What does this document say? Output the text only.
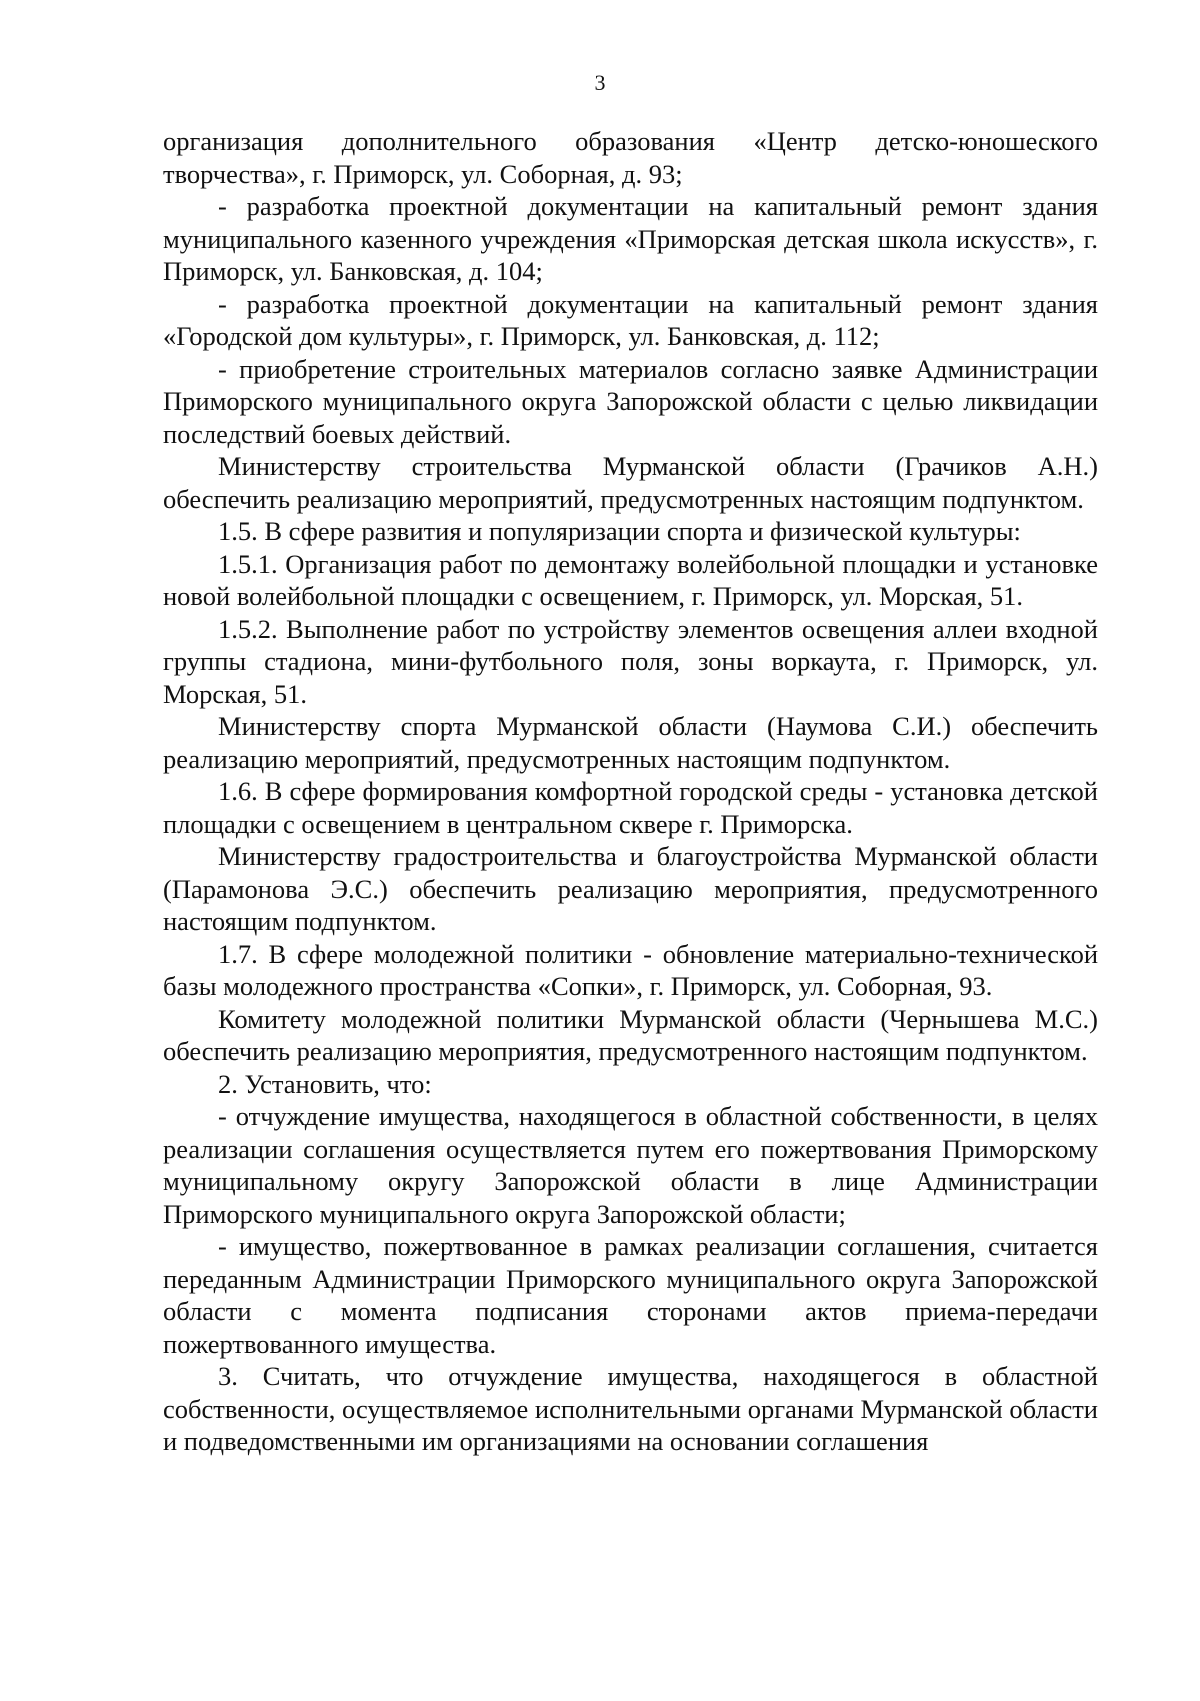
3

организация дополнительного образования «Центр детско-юношеского творчества», г. Приморск, ул. Соборная, д. 93;

- разработка проектной документации на капитальный ремонт здания муниципального казенного учреждения «Приморская детская школа искусств», г. Приморск, ул. Банковская, д. 104;

- разработка проектной документации на капитальный ремонт здания «Городской дом культуры», г. Приморск, ул. Банковская, д. 112;

- приобретение строительных материалов согласно заявке Администрации Приморского муниципального округа Запорожской области с целью ликвидации последствий боевых действий.

Министерству строительства Мурманской области (Грачиков А.Н.) обеспечить реализацию мероприятий, предусмотренных настоящим подпунктом.

1.5. В сфере развития и популяризации спорта и физической культуры:

1.5.1. Организация работ по демонтажу волейбольной площадки и установке новой волейбольной площадки с освещением, г. Приморск, ул. Морская, 51.

1.5.2. Выполнение работ по устройству элементов освещения аллеи входной группы стадиона, мини-футбольного поля, зоны воркаута, г. Приморск, ул. Морская, 51.

Министерству спорта Мурманской области (Наумова С.И.) обеспечить реализацию мероприятий, предусмотренных настоящим подпунктом.

1.6. В сфере формирования комфортной городской среды - установка детской площадки с освещением в центральном сквере г. Приморска.

Министерству градостроительства и благоустройства Мурманской области (Парамонова Э.С.) обеспечить реализацию мероприятия, предусмотренного настоящим подпунктом.

1.7. В сфере молодежной политики - обновление материально-технической базы молодежного пространства «Сопки», г. Приморск, ул. Соборная, 93.

Комитету молодежной политики Мурманской области (Чернышева М.С.) обеспечить реализацию мероприятия, предусмотренного настоящим подпунктом.

2. Установить, что:

- отчуждение имущества, находящегося в областной собственности, в целях реализации соглашения осуществляется путем его пожертвования Приморскому муниципальному округу Запорожской области в лице Администрации Приморского муниципального округа Запорожской области;

- имущество, пожертвованное в рамках реализации соглашения, считается переданным Администрации Приморского муниципального округа Запорожской области с момента подписания сторонами актов приема-передачи пожертвованного имущества.

3. Считать, что отчуждение имущества, находящегося в областной собственности, осуществляемое исполнительными органами Мурманской области и подведомственными им организациями на основании соглашения
